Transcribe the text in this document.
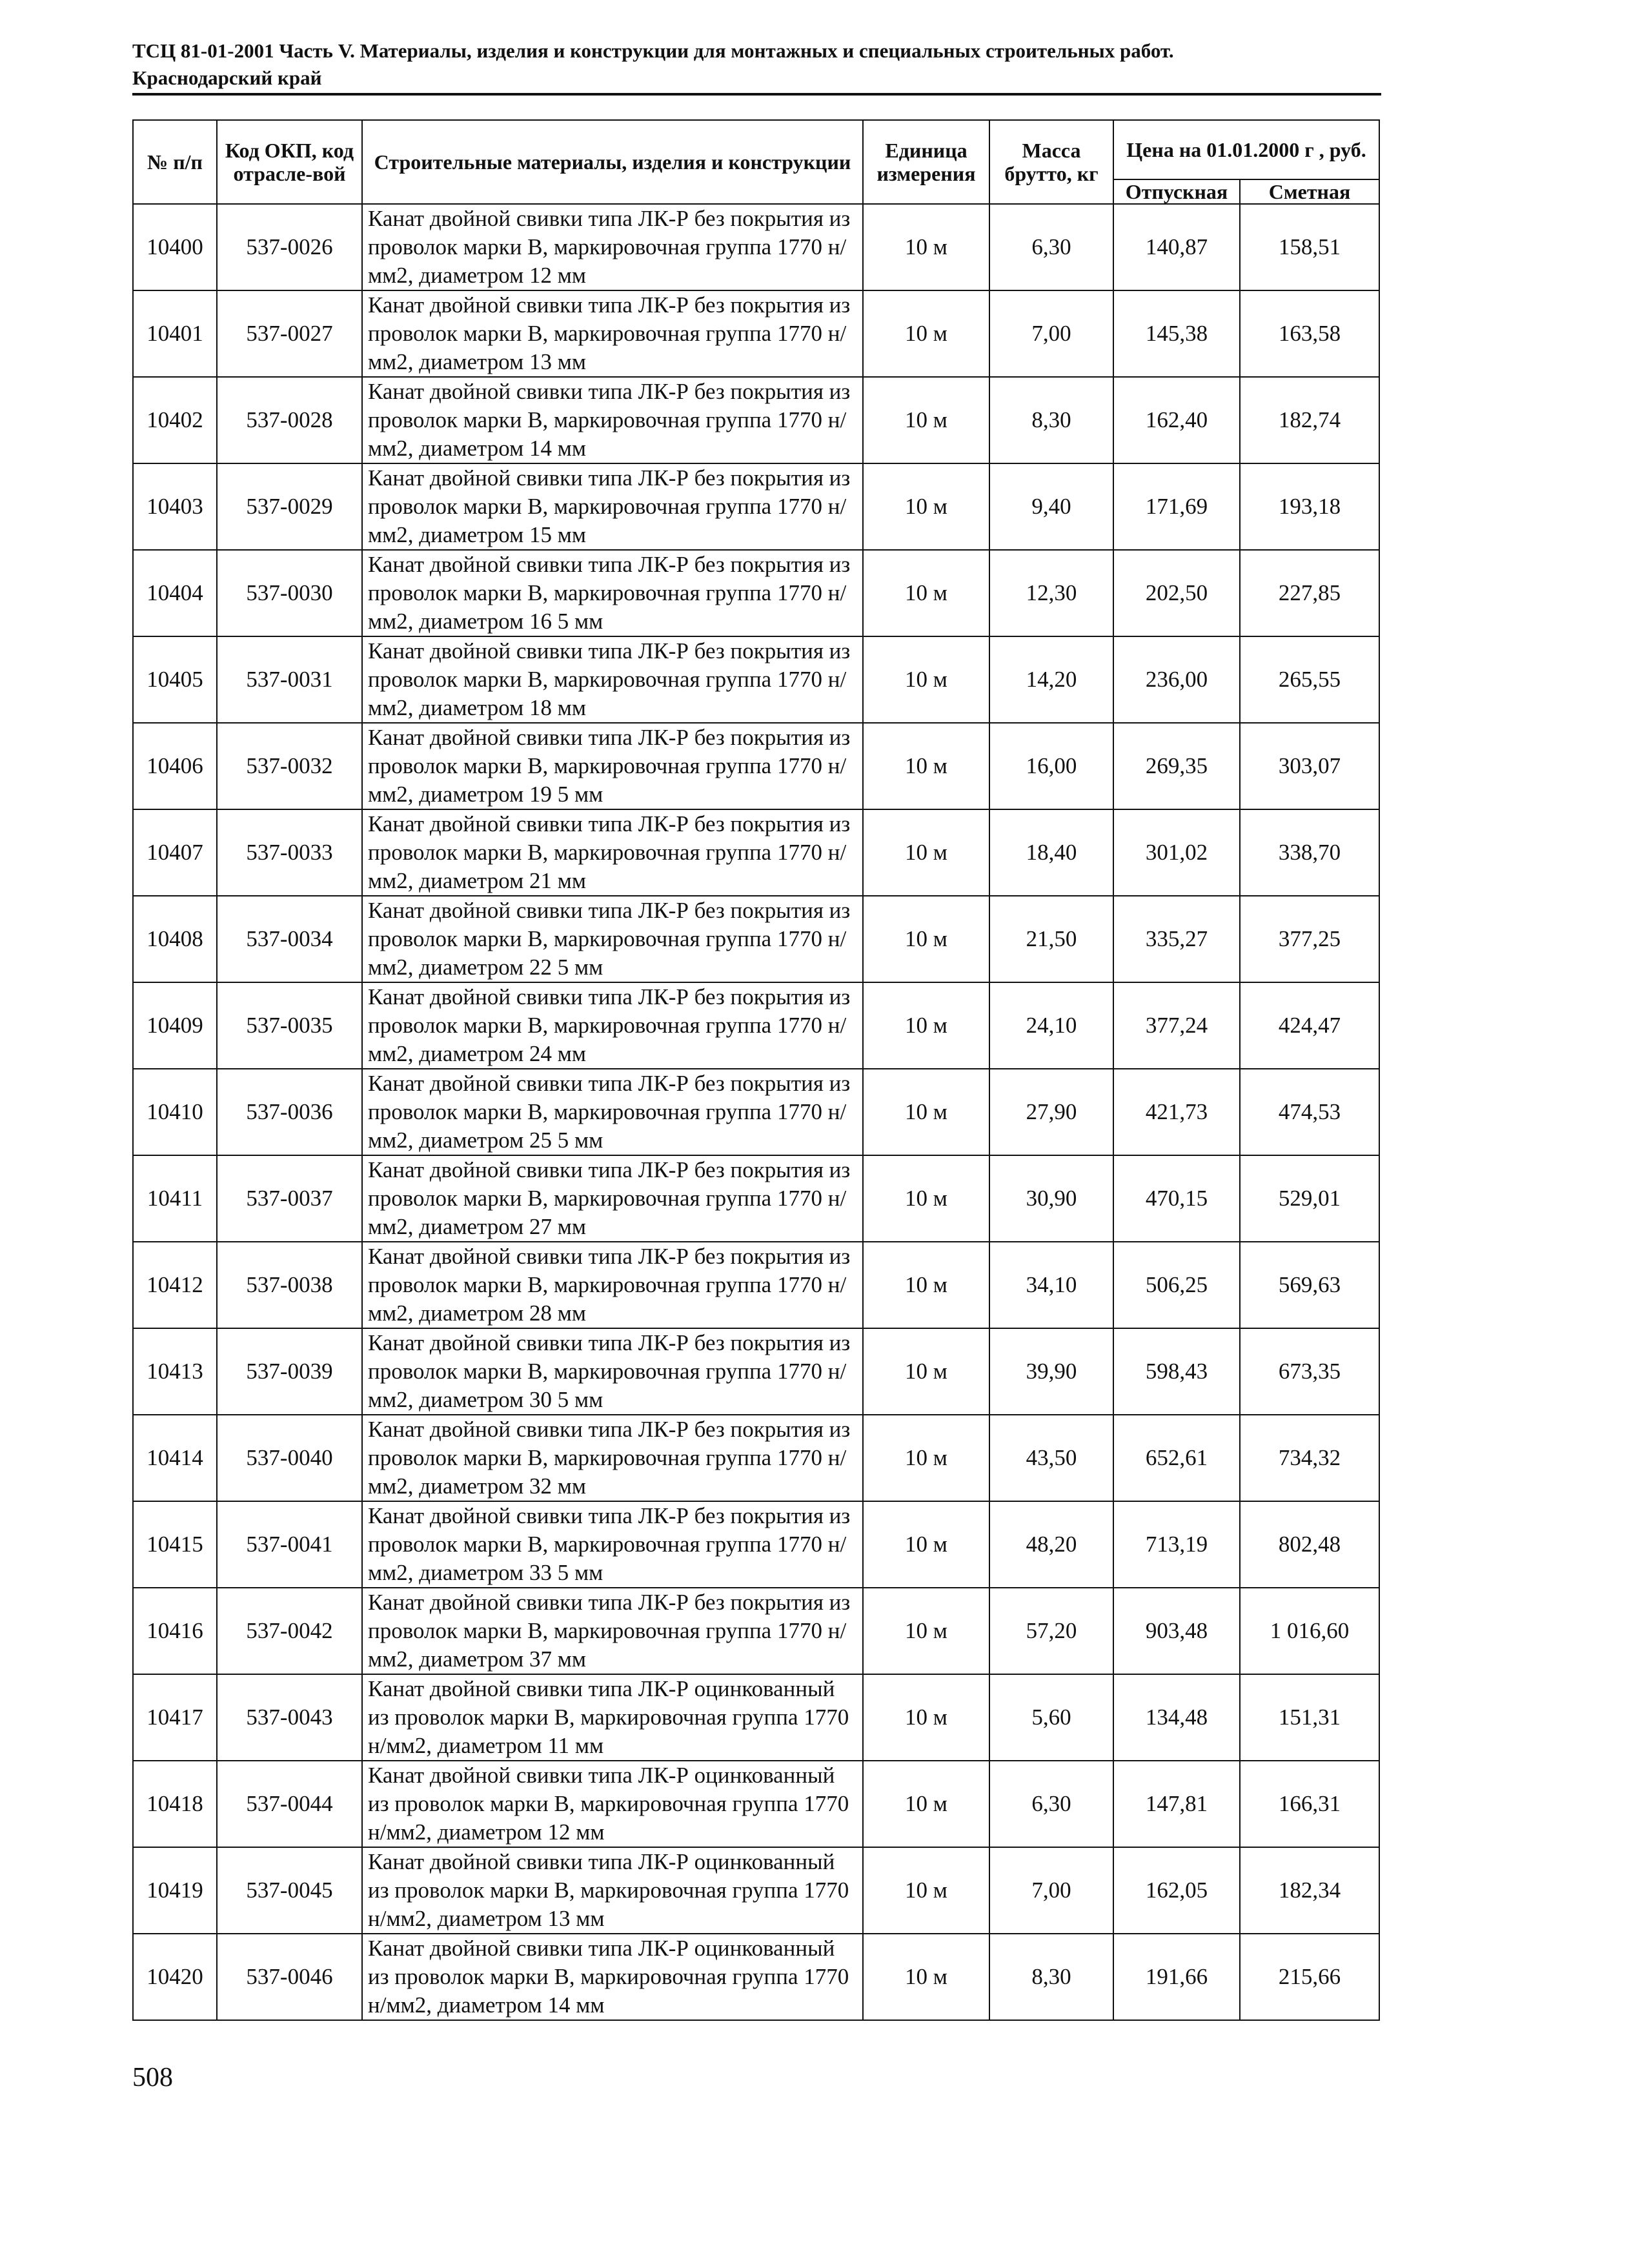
ТСЦ 81-01-2001 Часть V. Материалы, изделия и конструкции для монтажных и специальных строительных работ.
Краснодарский край
№ п/п	Код ОКП, код отрасле-вой	Строительные материалы, изделия и конструкции	Единица измерения	Масса брутто, кг	Цена на 01.01.2000 г , руб.	
					Отпускная	Сметная
10400	537-0026	Канат двойной свивки типа ЛК-Р без покрытия из проволок марки В, маркировочная группа 1770 н/мм2, диаметром 12 мм	10 м	6,30	140,87	158,51
10401	537-0027	Канат двойной свивки типа ЛК-Р без покрытия из проволок марки В, маркировочная группа 1770 н/мм2, диаметром 13 мм	10 м	7,00	145,38	163,58
10402	537-0028	Канат двойной свивки типа ЛК-Р без покрытия из проволок марки В, маркировочная группа 1770 н/мм2, диаметром 14 мм	10 м	8,30	162,40	182,74
10403	537-0029	Канат двойной свивки типа ЛК-Р без покрытия из проволок марки В, маркировочная группа 1770 н/мм2, диаметром 15 мм	10 м	9,40	171,69	193,18
10404	537-0030	Канат двойной свивки типа ЛК-Р без покрытия из проволок марки В, маркировочная группа 1770 н/мм2, диаметром 16 5 мм	10 м	12,30	202,50	227,85
10405	537-0031	Канат двойной свивки типа ЛК-Р без покрытия из проволок марки В, маркировочная группа 1770 н/мм2, диаметром 18 мм	10 м	14,20	236,00	265,55
10406	537-0032	Канат двойной свивки типа ЛК-Р без покрытия из проволок марки В, маркировочная группа 1770 н/мм2, диаметром 19 5 мм	10 м	16,00	269,35	303,07
10407	537-0033	Канат двойной свивки типа ЛК-Р без покрытия из проволок марки В, маркировочная группа 1770 н/мм2, диаметром 21 мм	10 м	18,40	301,02	338,70
10408	537-0034	Канат двойной свивки типа ЛК-Р без покрытия из проволок марки В, маркировочная группа 1770 н/мм2, диаметром 22 5 мм	10 м	21,50	335,27	377,25
10409	537-0035	Канат двойной свивки типа ЛК-Р без покрытия из проволок марки В, маркировочная группа 1770 н/мм2, диаметром 24 мм	10 м	24,10	377,24	424,47
10410	537-0036	Канат двойной свивки типа ЛК-Р без покрытия из проволок марки В, маркировочная группа 1770 н/мм2, диаметром 25 5 мм	10 м	27,90	421,73	474,53
10411	537-0037	Канат двойной свивки типа ЛК-Р без покрытия из проволок марки В, маркировочная группа 1770 н/мм2, диаметром 27 мм	10 м	30,90	470,15	529,01
10412	537-0038	Канат двойной свивки типа ЛК-Р без покрытия из проволок марки В, маркировочная группа 1770 н/мм2, диаметром 28 мм	10 м	34,10	506,25	569,63
10413	537-0039	Канат двойной свивки типа ЛК-Р без покрытия из проволок марки В, маркировочная группа 1770 н/мм2, диаметром 30 5 мм	10 м	39,90	598,43	673,35
10414	537-0040	Канат двойной свивки типа ЛК-Р без покрытия из проволок марки В, маркировочная группа 1770 н/мм2, диаметром 32 мм	10 м	43,50	652,61	734,32
10415	537-0041	Канат двойной свивки типа ЛК-Р без покрытия из проволок марки В, маркировочная группа 1770 н/мм2, диаметром 33 5 мм	10 м	48,20	713,19	802,48
10416	537-0042	Канат двойной свивки типа ЛК-Р без покрытия из проволок марки В, маркировочная группа 1770 н/мм2, диаметром 37 мм	10 м	57,20	903,48	1 016,60
10417	537-0043	Канат двойной свивки типа ЛК-Р оцинкованный из проволок марки В, маркировочная группа 1770 н/мм2, диаметром 11 мм	10 м	5,60	134,48	151,31
10418	537-0044	Канат двойной свивки типа ЛК-Р оцинкованный из проволок марки В, маркировочная группа 1770 н/мм2, диаметром 12 мм	10 м	6,30	147,81	166,31
10419	537-0045	Канат двойной свивки типа ЛК-Р оцинкованный из проволок марки В, маркировочная группа 1770 н/мм2, диаметром 13 мм	10 м	7,00	162,05	182,34
10420	537-0046	Канат двойной свивки типа ЛК-Р оцинкованный из проволок марки В, маркировочная группа 1770 н/мм2, диаметром 14 мм	10 м	8,30	191,66	215,66
508
